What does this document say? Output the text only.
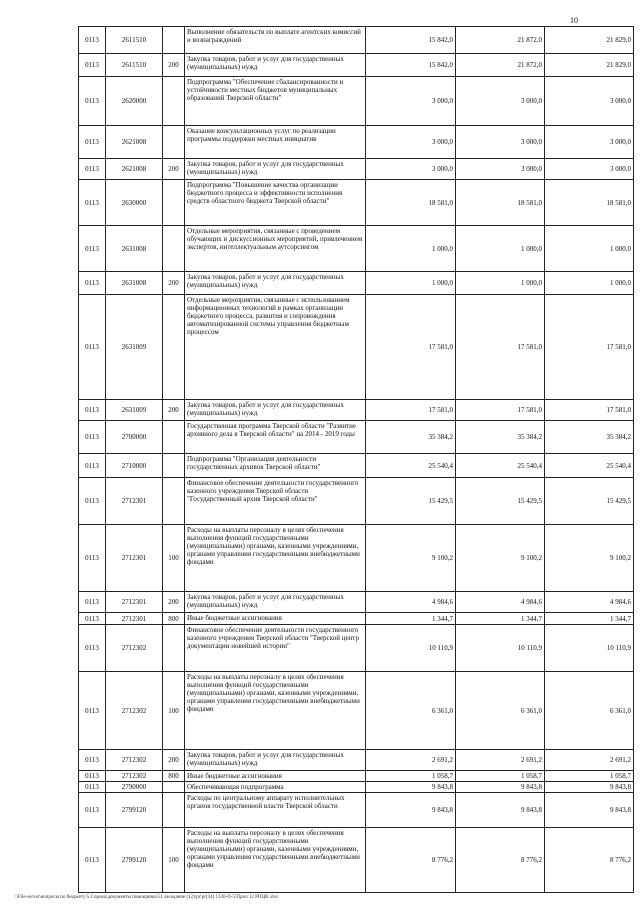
10
0113	2611510		Выполнение обязательств по выплате агентских комиссий и вознаграждений	15 842,0	21 872,0	21 829,0
0113	2611510	200	Закупка товаров, работ и услуг для государственных (муниципальных) нужд	15 842,0	21 872,0	21 829,0
0113	2620000		Подпрограмма "Обеспечение сбалансированности и устойчивости местных бюджетов муниципальных образований Тверской области"	3 000,0	3 000,0	3 000,0
0113	2621008		Оказание консультационных услуг по реализации программы поддержки местных инициатив	3 000,0	3 000,0	3 000,0
0113	2621008	200	Закупка товаров, работ и услуг для государственных (муниципальных) нужд	3 000,0	3 000,0	3 000,0
0113	2630000		Подпрограмма "Повышение качества организации бюджетного процесса и эффективности исполнения средств областного бюджета Тверской области"	18 581,0	18 581,0	18 581,0
0113	2631008		Отдельные мероприятия, связанные с проведением обучающих и дискуссионных мероприятий, привлечением экспертов, интеллектуальным аутсорсингом	1 000,0	1 000,0	1 000,0
0113	2631008	200	Закупка товаров, работ и услуг для государственных (муниципальных) нужд	1 000,0	1 000,0	1 000,0
0113	2631009		Отдельные мероприятия, связанные с использованием информационных технологий в рамках организации бюджетного процесса, развития и сопровождения автоматизированной системы управления бюджетным процессом	17 581,0	17 581,0	17 581,0
0113	2631009	200	Закупка товаров, работ и услуг для государственных (муниципальных) нужд	17 581,0	17 581,0	17 581,0
0113	2700000		Государственная программа Тверской области "Развитие архивного дела в Тверской области" на 2014 - 2019 годы	35 384,2	35 384,2	35 384,2
0113	2710000		Подпрограмма "Организация деятельности государственных архивов Тверской области"	25 540,4	25 540,4	25 540,4
0113	2712301		Финансовое обеспечение деятельности государственного казенного учреждения Тверской области "Государственный архив Тверской области"	15 429,5	15 429,5	15 429,5
0113	2712301	100	Расходы на выплаты персоналу в целях обеспечения выполнения функций государственными (муниципальными) органами, казенными учреждениями, органами управления государственными внебюджетными фондами	9 100,2	9 100,2	9 100,2
0113	2712301	200	Закупка товаров, работ и услуг для государственных (муниципальных) нужд	4 984,6	4 984,6	4 984,6
0113	2712301	800	Иные бюджетные ассигнования	1 344,7	1 344,7	1 344,7
0113	2712302		Финансовое обеспечение деятельности государственного казенного учреждения Тверской области "Тверской центр документации новейшей истории"	10 110,9	10 110,9	10 110,9
0113	2712302	100	Расходы на выплаты персоналу в целях обеспечения выполнения функций государственными (муниципальными) органами, казенными учреждениями, органами управления государственными внебюджетными фондами	6 361,0	6 361,0	6 361,0
0113	2712302	200	Закупка товаров, работ и услуг для государственных (муниципальных) нужд	2 691,2	2 691,2	2 691,2
0113	2712302	800	Иные бюджетные ассигнования	1 058,7	1 058,7	1 058,7
0113	2790000		Обеспечивающая подпрограмма	9 843,8	9 843,8	9 843,8
0113	2799120		Расходы по центральному аппарату исполнительных органов государственной власти Тверской области	9 843,8	9 843,8	9 843,8
0113	2799120	100	Расходы на выплаты персоналу в целях обеспечения выполнения функций государственными (муниципальными) органами, казенными учреждениями, органами управления государственными внебюджетными фондами	8 776,2	8 776,2	8 776,2
\\File-server\вопросы по бюджету\5 Сорока\документы помощника\51 заседание (12)\pr\pr(34) 1330-П-5\Прил 12 РПЦВ.xlsx
